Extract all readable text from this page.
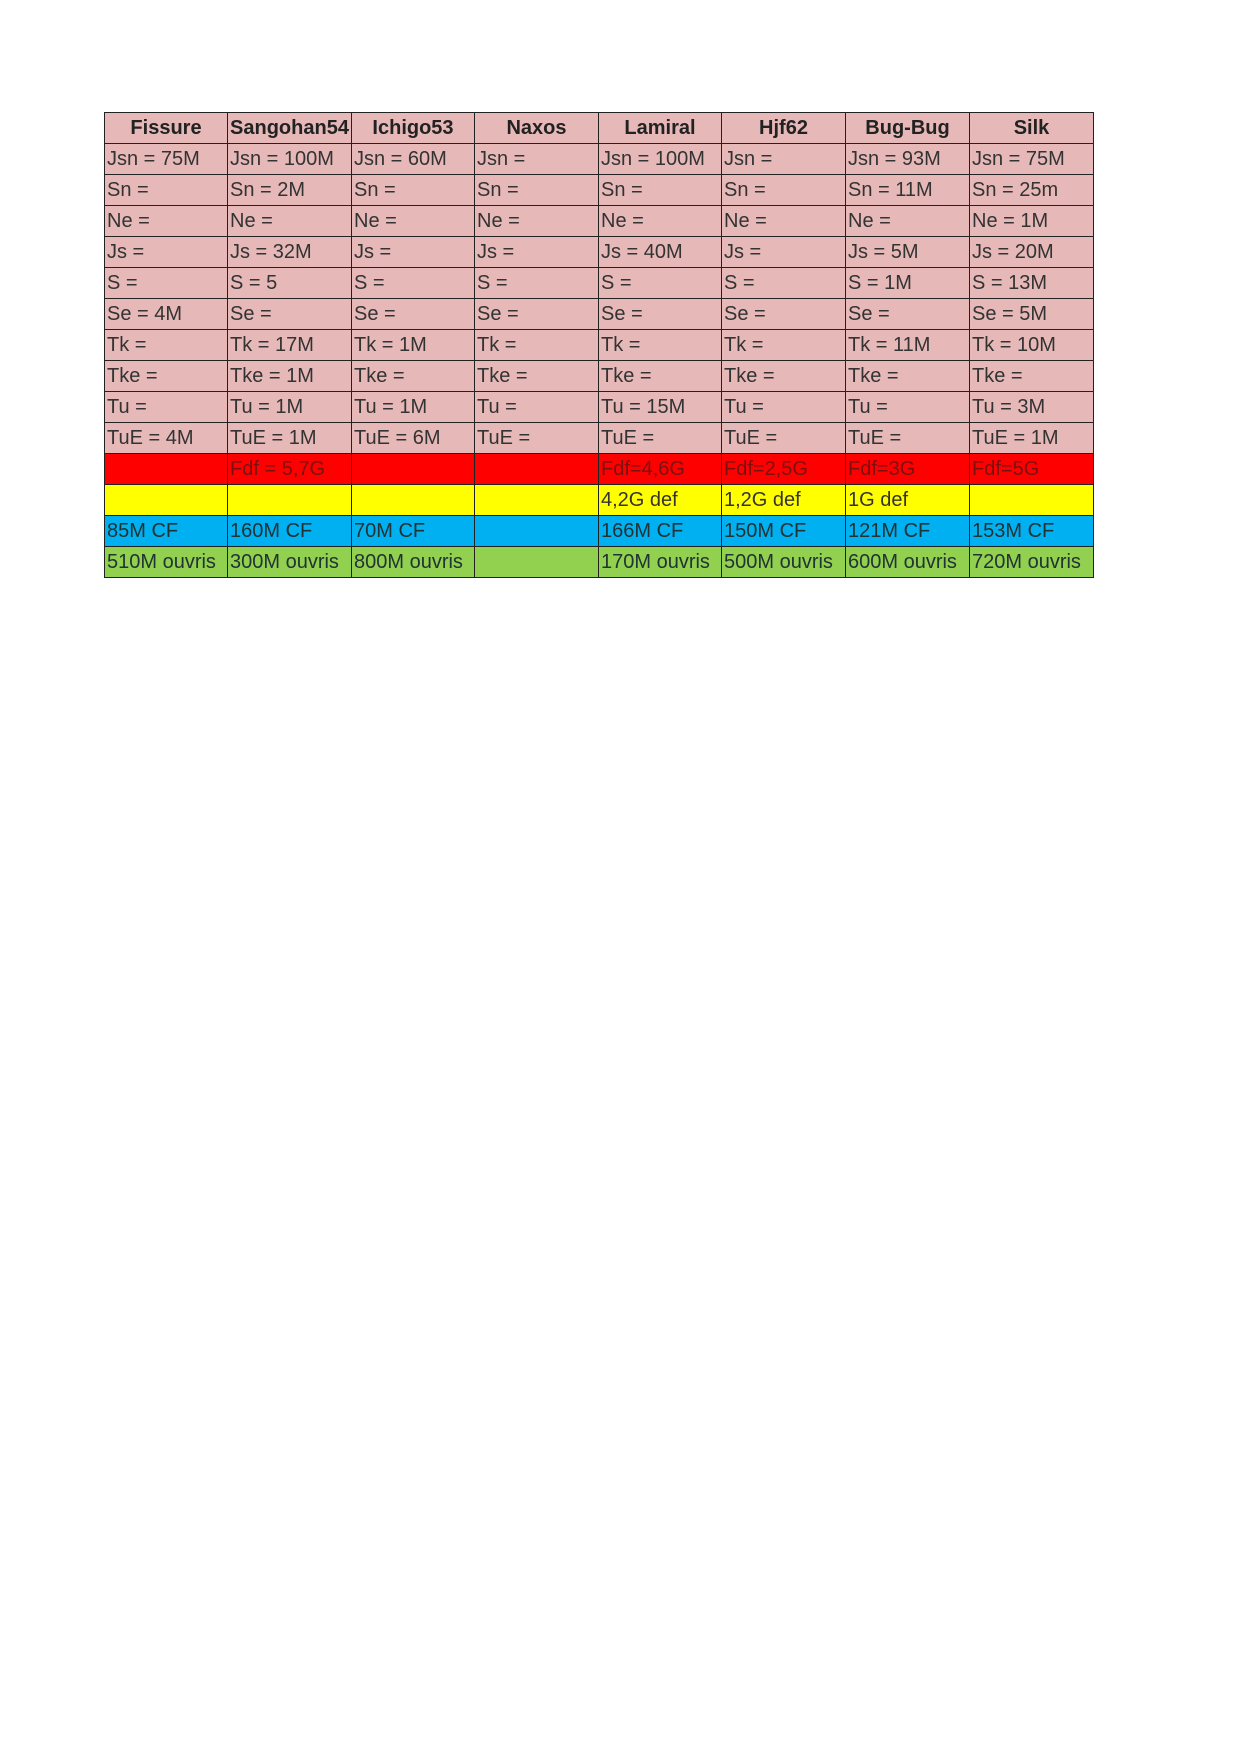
Fissure	Sangohan54	Ichigo53	Naxos	Lamiral	Hjf62	Bug-Bug	Silk
Jsn = 75M	Jsn = 100M	Jsn = 60M	Jsn =	Jsn = 100M	Jsn =	Jsn = 93M	Jsn = 75M
Sn =	Sn = 2M	Sn =	Sn =	Sn =	Sn =	Sn = 11M	Sn = 25m
Ne =	Ne =	Ne =	Ne =	Ne =	Ne =	Ne =	Ne = 1M
Js =	Js = 32M	Js =	Js =	Js = 40M	Js =	Js = 5M	Js = 20M
S =	S = 5	S =	S =	S =	S =	S = 1M	S = 13M
Se = 4M	Se =	Se =	Se =	Se =	Se =	Se =	Se = 5M
Tk =	Tk = 17M	Tk = 1M	Tk =	Tk =	Tk =	Tk = 11M	Tk = 10M
Tke =	Tke = 1M	Tke =	Tke =	Tke =	Tke =	Tke =	Tke =
Tu =	Tu = 1M	Tu = 1M	Tu =	Tu = 15M	Tu =	Tu =	Tu = 3M
TuE = 4M	TuE = 1M	TuE = 6M	TuE =	TuE =	TuE =	TuE =	TuE = 1M
	Fdf = 5,7G			Fdf=4,6G	Fdf=2,5G	Fdf=3G	Fdf=5G
				4,2G def	1,2G def	1G def	
85M CF	160M CF	70M CF		166M CF	150M CF	121M CF	153M CF
510M ouvris	300M ouvris	800M ouvris		170M ouvris	500M ouvris	600M ouvris	720M ouvris
